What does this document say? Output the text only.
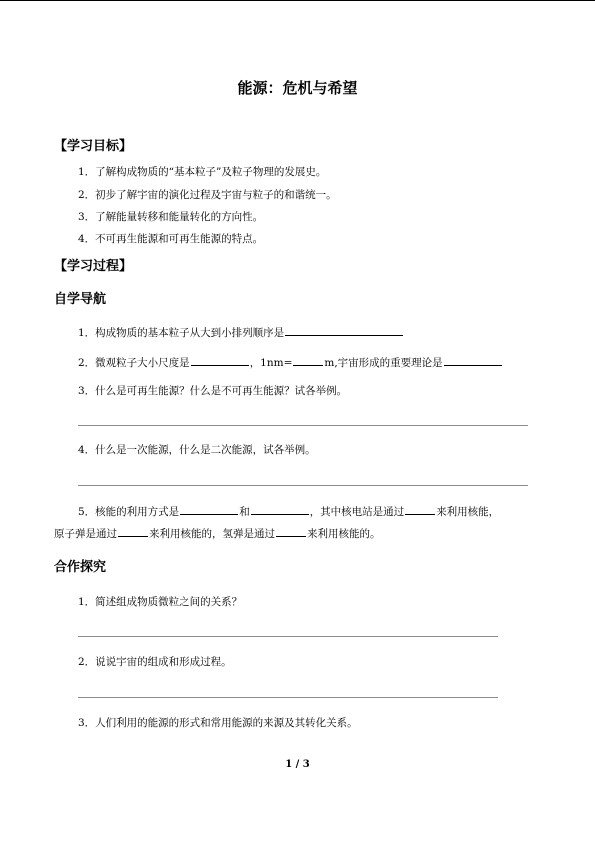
能源：危机与希望
【学习目标】
1．了解构成物质的“基本粒子”及粒子物理的发展史。
2．初步了解宇宙的演化过程及宇宙与粒子的和谐统一。
3．了解能量转移和能量转化的方向性。
4．不可再生能源和可再生能源的特点。
【学习过程】
自学导航
1．构成物质的基本粒子从大到小排列顺序是
2．微观粒子大小尺度是	，1nm=	m,宇宙形成的重要理论是
3．什么是可再生能源？什么是不可再生能源？试各举例。
4．什么是一次能源，什么是二次能源，试各举例。
5．核能的利用方式是	和	，其中核电站是通过	来利用核能，
原子弹是通过	来利用核能的，氢弹是通过	来利用核能的。
合作探究
1．简述组成物质微粒之间的关系？
2．说说宇宙的组成和形成过程。
3．人们利用的能源的形式和常用能源的来源及其转化关系。
1 / 3
